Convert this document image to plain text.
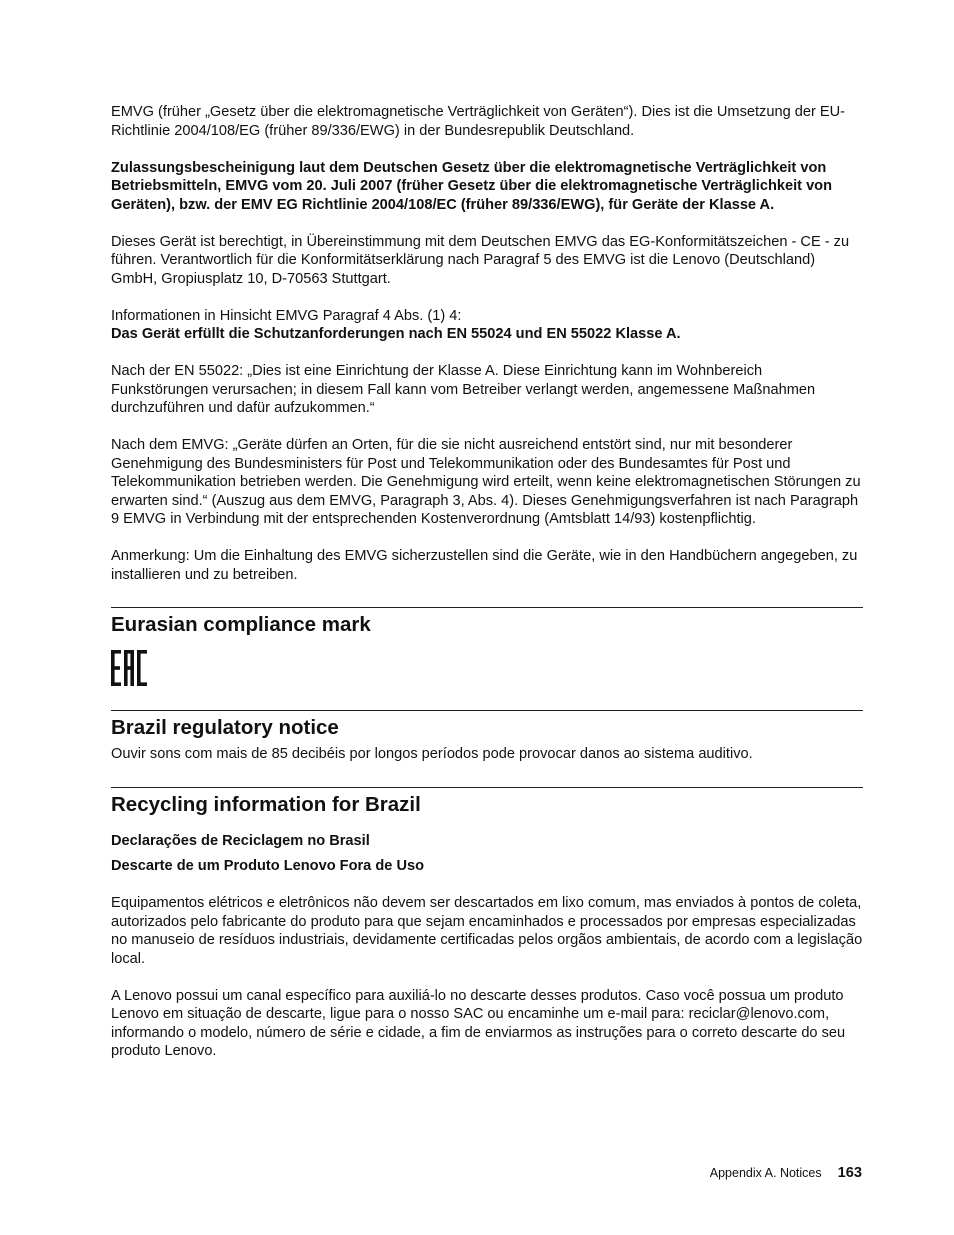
EMVG (früher „Gesetz über die elektromagnetische Verträglichkeit von Geräten“). Dies ist die Umsetzung der EU-Richtlinie 2004/108/EG (früher 89/336/EWG) in der Bundesrepublik Deutschland.

Zulassungsbescheinigung laut dem Deutschen Gesetz über die elektromagnetische Verträglichkeit von Betriebsmitteln, EMVG vom 20. Juli 2007 (früher Gesetz über die elektromagnetische Verträglichkeit von Geräten), bzw. der EMV EG Richtlinie 2004/108/EC (früher 89/336/EWG), für Geräte der Klasse A.

Dieses Gerät ist berechtigt, in Übereinstimmung mit dem Deutschen EMVG das EG-Konformitätszeichen - CE - zu führen. Verantwortlich für die Konformitätserklärung nach Paragraf 5 des EMVG ist die Lenovo (Deutschland) GmbH, Gropiusplatz 10, D-70563 Stuttgart.

Informationen in Hinsicht EMVG Paragraf 4 Abs. (1) 4:

Das Gerät erfüllt die Schutzanforderungen nach EN 55024 und EN 55022 Klasse A.

Nach der EN 55022: „Dies ist eine Einrichtung der Klasse A. Diese Einrichtung kann im Wohnbereich Funkstörungen verursachen; in diesem Fall kann vom Betreiber verlangt werden, angemessene Maßnahmen durchzuführen und dafür aufzukommen.“

Nach dem EMVG: „Geräte dürfen an Orten, für die sie nicht ausreichend entstört sind, nur mit besonderer Genehmigung des Bundesministers für Post und Telekommunikation oder des Bundesamtes für Post und Telekommunikation betrieben werden. Die Genehmigung wird erteilt, wenn keine elektromagnetischen Störungen zu erwarten sind.“ (Auszug aus dem EMVG, Paragraph 3, Abs. 4). Dieses Genehmigungsverfahren ist nach Paragraph 9 EMVG in Verbindung mit der entsprechenden Kostenverordnung (Amtsblatt 14/93) kostenpflichtig.

Anmerkung: Um die Einhaltung des EMVG sicherzustellen sind die Geräte, wie in den Handbüchern angegeben, zu installieren und zu betreiben.

Eurasian compliance mark
Brazil regulatory notice

Ouvir sons com mais de 85 decibéis por longos períodos pode provocar danos ao sistema auditivo.

Recycling information for Brazil

Declarações de Reciclagem no Brasil

Descarte de um Produto Lenovo Fora de Uso

Equipamentos elétricos e eletrônicos não devem ser descartados em lixo comum, mas enviados à pontos de coleta, autorizados pelo fabricante do produto para que sejam encaminhados e processados por empresas especializadas no manuseio de resíduos industriais, devidamente certificadas pelos orgãos ambientais, de acordo com a legislação local.

A Lenovo possui um canal específico para auxiliá-lo no descarte desses produtos. Caso você possua um produto Lenovo em situação de descarte, ligue para o nosso SAC ou encaminhe um e-mail para: reciclar@lenovo.com, informando o modelo, número de série e cidade, a fim de enviarmos as instruções para o correto descarte do seu produto Lenovo.

Appendix A. Notices 163
